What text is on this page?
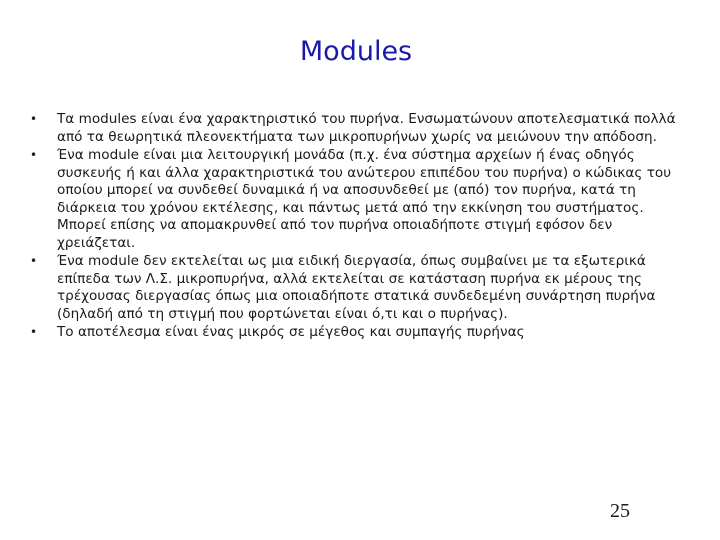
Modules
•	Τα modules είναι ένα χαρακτηριστικό του πυρήνα. Ενσωματώνουν αποτελεσματικά πολλά από τα θεωρητικά πλεονεκτήματα των μικροπυρήνων χωρίς να μειώνουν την απόδοση.
•	Ένα module είναι μια λειτουργική μονάδα (π.χ. ένα σύστημα αρχείων ή ένας οδηγός συσκευής ή και άλλα χαρακτηριστικά του ανώτερου επιπέδου του πυρήνα) ο κώδικας του οποίου μπορεί να συνδεθεί δυναμικά ή να αποσυνδεθεί με (από) τον πυρήνα, κατά τη διάρκεια του χρόνου εκτέλεσης, και πάντως μετά από την εκκίνηση του συστήματος. Μπορεί επίσης να απομακρυνθεί από τον πυρήνα οποιαδήποτε στιγμή εφόσον δεν χρειάζεται.
•	Ένα module δεν εκτελείται ως μια ειδική διεργασία, όπως συμβαίνει με τα εξωτερικά επίπεδα των Λ.Σ. μικροπυρήνα, αλλά εκτελείται σε κατάσταση πυρήνα εκ μέρους της τρέχουσας διεργασίας όπως μια οποιαδήποτε στατικά συνδεδεμένη συνάρτηση πυρήνα (δηλαδή από τη στιγμή που φορτώνεται είναι ό,τι και ο πυρήνας).
•	Το αποτέλεσμα είναι ένας μικρός σε μέγεθος και συμπαγής πυρήνας
25
